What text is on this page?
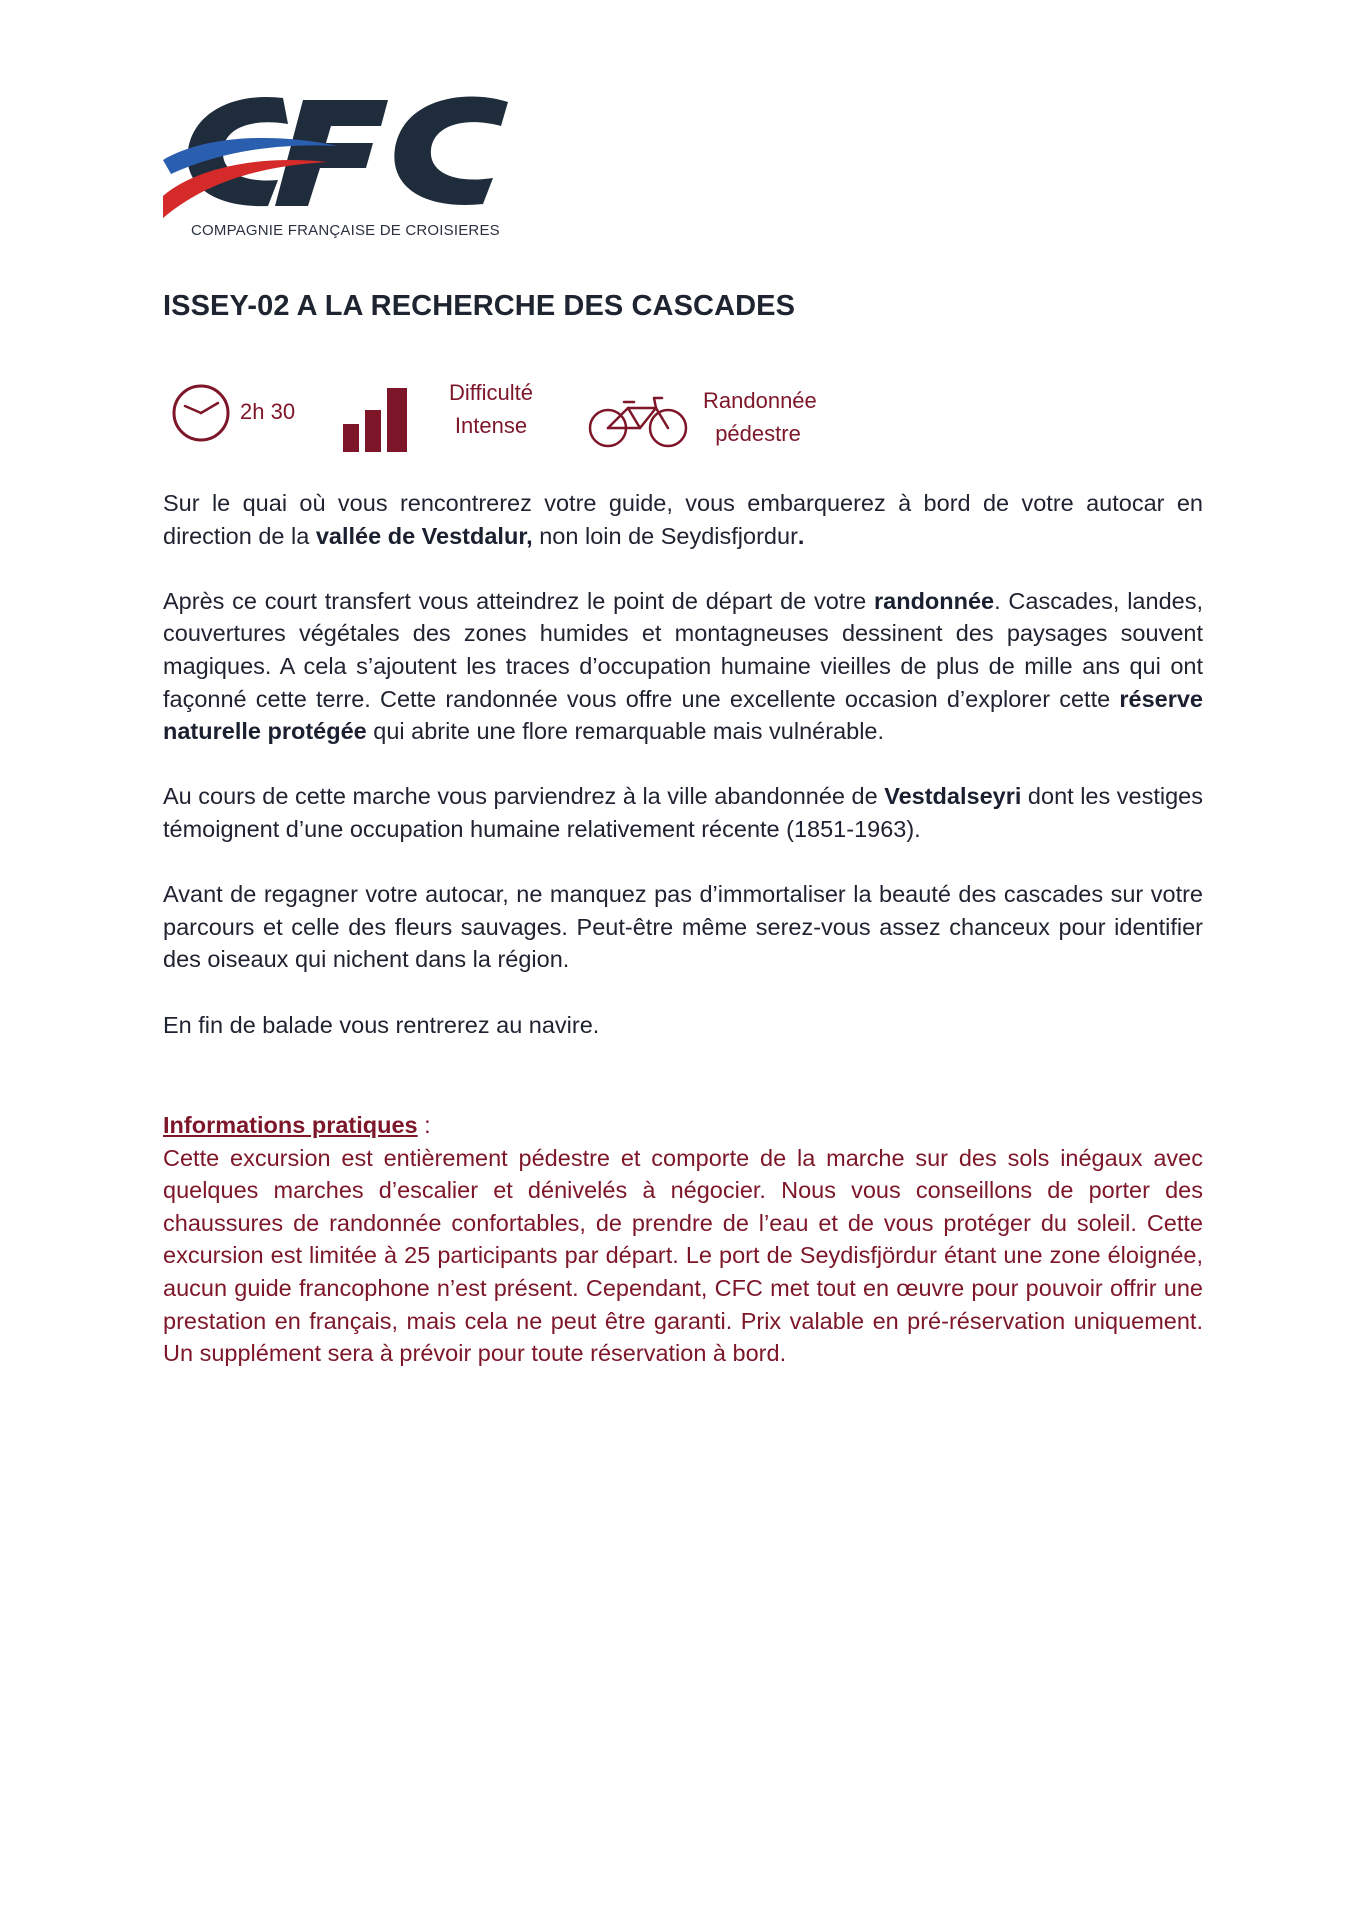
COMPAGNIE FRANÇAISE DE CROISIERES
ISSEY-02 A LA RECHERCHE DES CASCADES
2h 30
Difficulté
Intense
Randonnée
pédestre

Sur le quai où vous rencontrerez votre guide, vous embarquerez à bord de votre autocar en direction de la vallée de Vestdalur, non loin de Seydisfjordur.

Après ce court transfert vous atteindrez le point de départ de votre randonnée. Cascades, landes, couvertures végétales des zones humides et montagneuses dessinent des paysages souvent magiques. A cela s’ajoutent les traces d’occupation humaine vieilles de plus de mille ans qui ont façonné cette terre. Cette randonnée vous offre une excellente occasion d’explorer cette réserve naturelle protégée qui abrite une flore remarquable mais vulnérable.

Au cours de cette marche vous parviendrez à la ville abandonnée de Vestdalseyri dont les vestiges témoignent d’une occupation humaine relativement récente (1851-1963).

Avant de regagner votre autocar, ne manquez pas d’immortaliser la beauté des cascades sur votre parcours et celle des fleurs sauvages. Peut-être même serez-vous assez chanceux pour identifier des oiseaux qui nichent dans la région.

En fin de balade vous rentrerez au navire.

Informations pratiques :

Cette excursion est entièrement pédestre et comporte de la marche sur des sols inégaux avec quelques marches d’escalier et dénivelés à négocier. Nous vous conseillons de porter des chaussures de randonnée confortables, de prendre de l’eau et de vous protéger du soleil. Cette excursion est limitée à 25 participants par départ. Le port de Seydisfjördur étant une zone éloignée, aucun guide francophone n’est présent. Cependant, CFC met tout en œuvre pour pouvoir offrir une prestation en français, mais cela ne peut être garanti. Prix valable en pré-réservation uniquement. Un supplément sera à prévoir pour toute réservation à bord.
